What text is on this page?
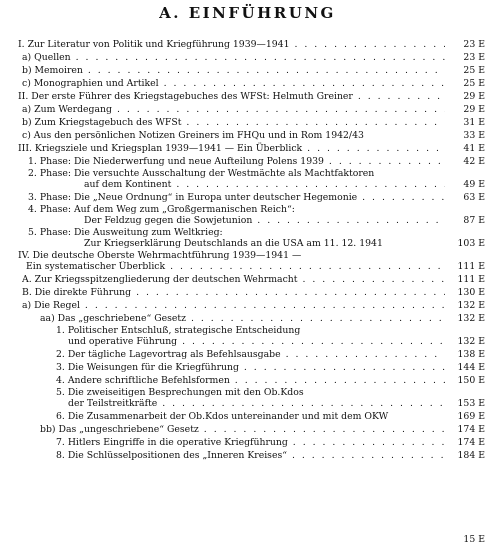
A. EINFÜHRUNG
I. Zur Literatur von Politik und Kriegführung 1939—1941 . . .	23 E
a) Quellen . . .	23 E
b) Memoiren . . .	25 E
c) Monographien und Artikel . . .	25 E
II. Der erste Führer des Kriegstagebuches des WFSt: Helmuth Greiner . . .	29 E
a) Zum Werdegang . . .	29 E
b) Zum Kriegstagebuch des WFSt . . .	31 E
c) Aus den persönlichen Notizen Greiners im FHQu und in Rom 1942/43	33 E
III. Kriegsziele und Kriegsplan 1939—1941 — Ein Überblick . . .	41 E
1. Phase: Die Niederwerfung und neue Aufteilung Polens 1939 . . .	42 E
2. Phase: Die versuchte Ausschaltung der Westmächte als Machtfaktoren
auf dem Kontinent . . .	49 E
3. Phase: Die „Neue Ordnung“ in Europa unter deutscher Hegemonie . . .	63 E
4. Phase: Auf dem Weg zum „Großgermanischen Reich“:
Der Feldzug gegen die Sowjetunion . . .	87 E
5. Phase: Die Ausweitung zum Weltkrieg:
Zur Kriegserklärung Deutschlands an die USA am 11. 12. 1941	103 E
IV. Die deutsche Oberste Wehrmachtführung 1939—1941 —
Ein systematischer Überblick . . .	111 E
A. Zur Kriegsspitzengliederung der deutschen Wehrmacht . . .	111 E
B. Die direkte Führung . . .	130 E
a) Die Regel . . .	132 E
aa) Das „geschriebene“ Gesetz . . .	132 E
1. Politischer Entschluß, strategische Entscheidung
und operative Führung . . .	132 E
2. Der tägliche Lagevortrag als Befehlsausgabe . . .	138 E
3. Die Weisungen für die Kriegführung . . .	144 E
4. Andere schriftliche Befehlsformen . . .	150 E
5. Die zweiseitigen Besprechungen mit den Ob.Kdos
der Teilstreitkräfte . . .	153 E
6. Die Zusammenarbeit der Ob.Kdos untereinander und mit dem OKW	169 E
bb) Das „ungeschriebene“ Gesetz . . .	174 E
7. Hitlers Eingriffe in die operative Kriegführung . . .	174 E
8. Die Schlüsselpositionen des „Inneren Kreises“ . . .	184 E
15 E
